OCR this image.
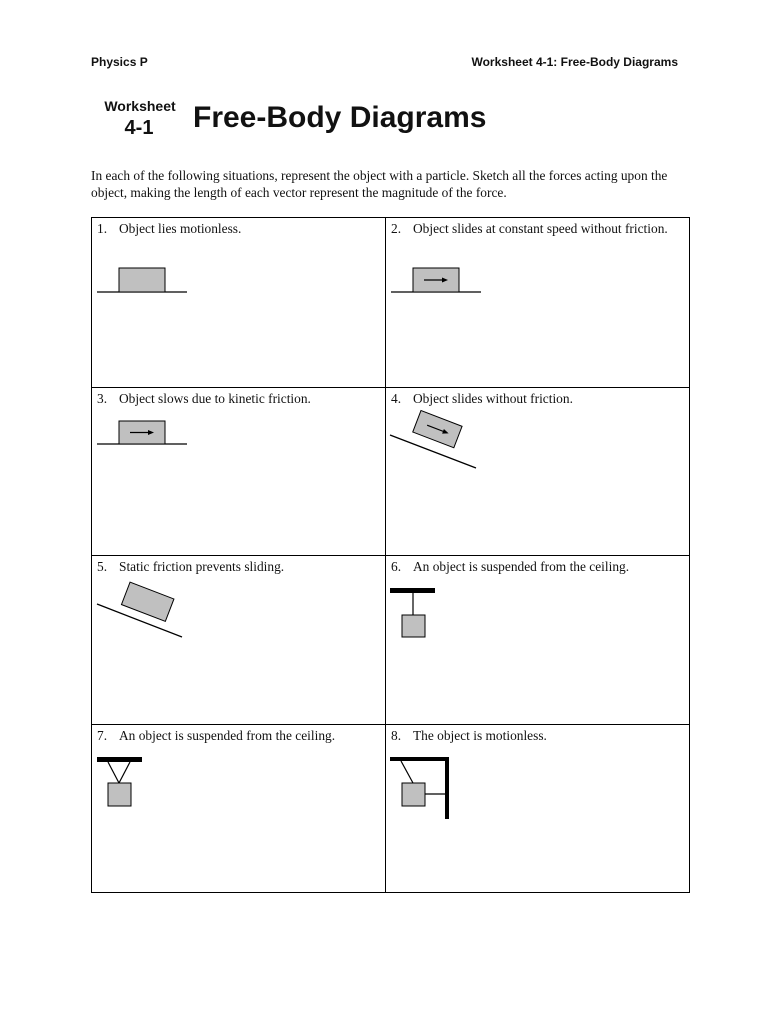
Physics P	Worksheet 4-1: Free-Body Diagrams
Worksheet
4-1	Free-Body Diagrams
In each of the following situations, represent the object with a particle. Sketch all the forces acting upon the object, making the length of each vector represent the magnitude of the force.
1. Object lies motionless.	2. Object slides at constant speed without friction.
3. Object slows due to kinetic friction.	4. Object slides without friction.
5. Static friction prevents sliding.	6. An object is suspended from the ceiling.
7. An object is suspended from the ceiling.	8. The object is motionless.
